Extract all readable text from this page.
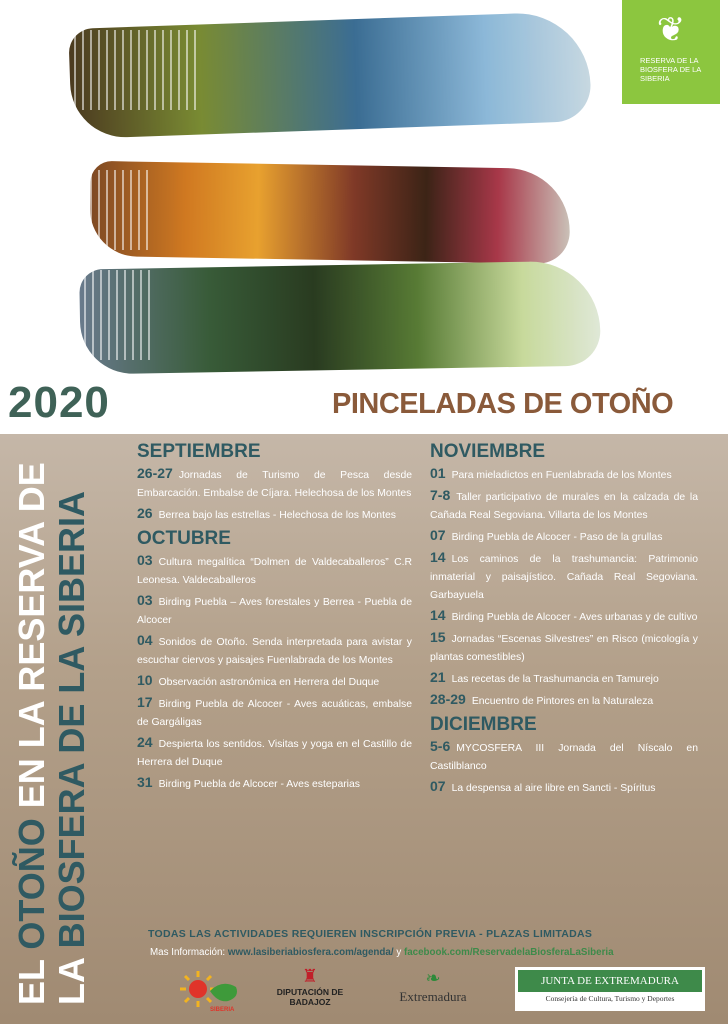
❦
RESERVA DE LA BIOSFERA DE LA SIBERIA
2020	PINCELADAS DE OTOÑO
EL OTOÑO EN LA RESERVA DE
LA BIOSFERA DE LA SIBERIA
SEPTIEMBRE
26-27 Jornadas de Turismo de Pesca desde Embarcación. Embalse de Cíjara. Helechosa de los Montes
26 Berrea bajo las estrellas - Helechosa de los Montes
OCTUBRE
03 Cultura megalítica “Dolmen de Valdecaballeros” C.R Leonesa. Valdecaballeros
03 Birding Puebla – Aves forestales y Berrea - Puebla de Alcocer
04 Sonidos de Otoño. Senda interpretada para avistar y escuchar ciervos y paisajes Fuenlabrada de los Montes
10 Observación astronómica en Herrera del Duque
17 Birding Puebla de Alcocer - Aves acuáticas, embalse de Gargáligas
24 Despierta los sentidos. Visitas y yoga en el Castillo de Herrera del Duque
31 Birding Puebla de Alcocer - Aves esteparias
NOVIEMBRE
01 Para mieladictos en Fuenlabrada de los Montes
7-8 Taller participativo de murales en la calzada de la Cañada Real Segoviana. Villarta de los Montes
07 Birding Puebla de Alcocer - Paso de la grullas
14 Los caminos de la trashumancia: Patrimonio inmaterial y paisajístico. Cañada Real Segoviana. Garbayuela
14 Birding Puebla de Alcocer - Aves urbanas y de cultivo
15 Jornadas “Escenas Silvestres” en Risco (micología y plantas comestibles)
21 Las recetas de la Trashumancia en Tamurejo
28-29 Encuentro de Pintores en la Naturaleza
DICIEMBRE
5-6 MYCOSFERA III Jornada del Níscalo en Castilblanco
07 La despensa al aire libre en Sancti - Spíritus
TODAS LAS ACTIVIDADES REQUIEREN INSCRIPCIÓN PREVIA - PLAZAS LIMITADAS
Mas Información: www.lasiberiabiosfera.com/agenda/ y facebook.com/ReservadelaBiosferaLaSiberia
SIBERIA
♜
DIPUTACIÓN DE BADAJOZ
❧
Extremadura
JUNTA DE EXTREMADURA
Consejería de Cultura, Turismo y Deportes
